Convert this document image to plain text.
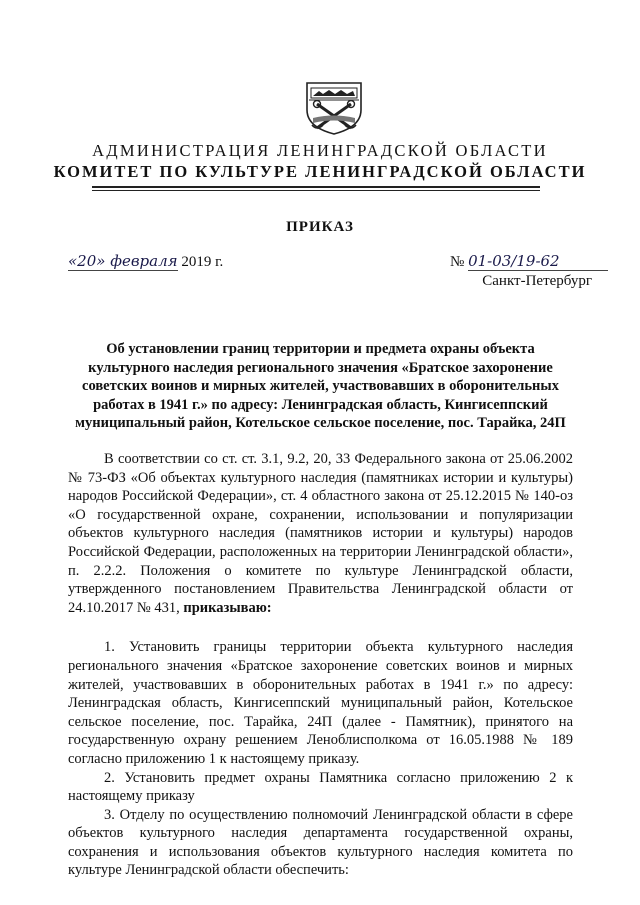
АДМИНИСТРАЦИЯ ЛЕНИНГРАДСКОЙ ОБЛАСТИ
КОМИТЕТ ПО КУЛЬТУРЕ ЛЕНИНГРАДСКОЙ ОБЛАСТИ
ПРИКАЗ
«20» февраля 2019 г.	№ 01-03/19-62
Санкт-Петербург
Об установлении границ территории и предмета охраны объекта культурного наследия регионального значения «Братское захоронение советских воинов и мирных жителей, участвовавших в оборонительных работах в 1941 г.» по адресу: Ленинградская область, Кингисеппский муниципальный район, Котельское сельское поселение, пос. Тарайка, 24П

В соответствии со ст. ст. 3.1, 9.2, 20, 33 Федерального закона от 25.06.2002 № 73-ФЗ «Об объектах культурного наследия (памятниках истории и культуры) народов Российской Федерации», ст. 4 областного закона от 25.12.2015 № 140-оз «О государственной охране, сохранении, использовании и популяризации объектов культурного наследия (памятников истории и культуры) народов Российской Федерации, расположенных на территории Ленинградской области», п. 2.2.2. Положения о комитете по культуре Ленинградской области, утвержденного постановлением Правительства Ленинградской области от 24.10.2017 № 431, приказываю:

1. Установить границы территории объекта культурного наследия регионального значения «Братское захоронение советских воинов и мирных жителей, участвовавших в оборонительных работах в 1941 г.» по адресу: Ленинградская область, Кингисеппский муниципальный район, Котельское сельское поселение, пос. Тарайка, 24П (далее - Памятник), принятого на государственную охрану решением Леноблисполкома от 16.05.1988 № 189 согласно приложению 1 к настоящему приказу.

2. Установить предмет охраны Памятника согласно приложению 2 к настоящему приказу

3. Отделу по осуществлению полномочий Ленинградской области в сфере объектов культурного наследия департамента государственной охраны, сохранения и использования объектов культурного наследия комитета по культуре Ленинградской области обеспечить:
